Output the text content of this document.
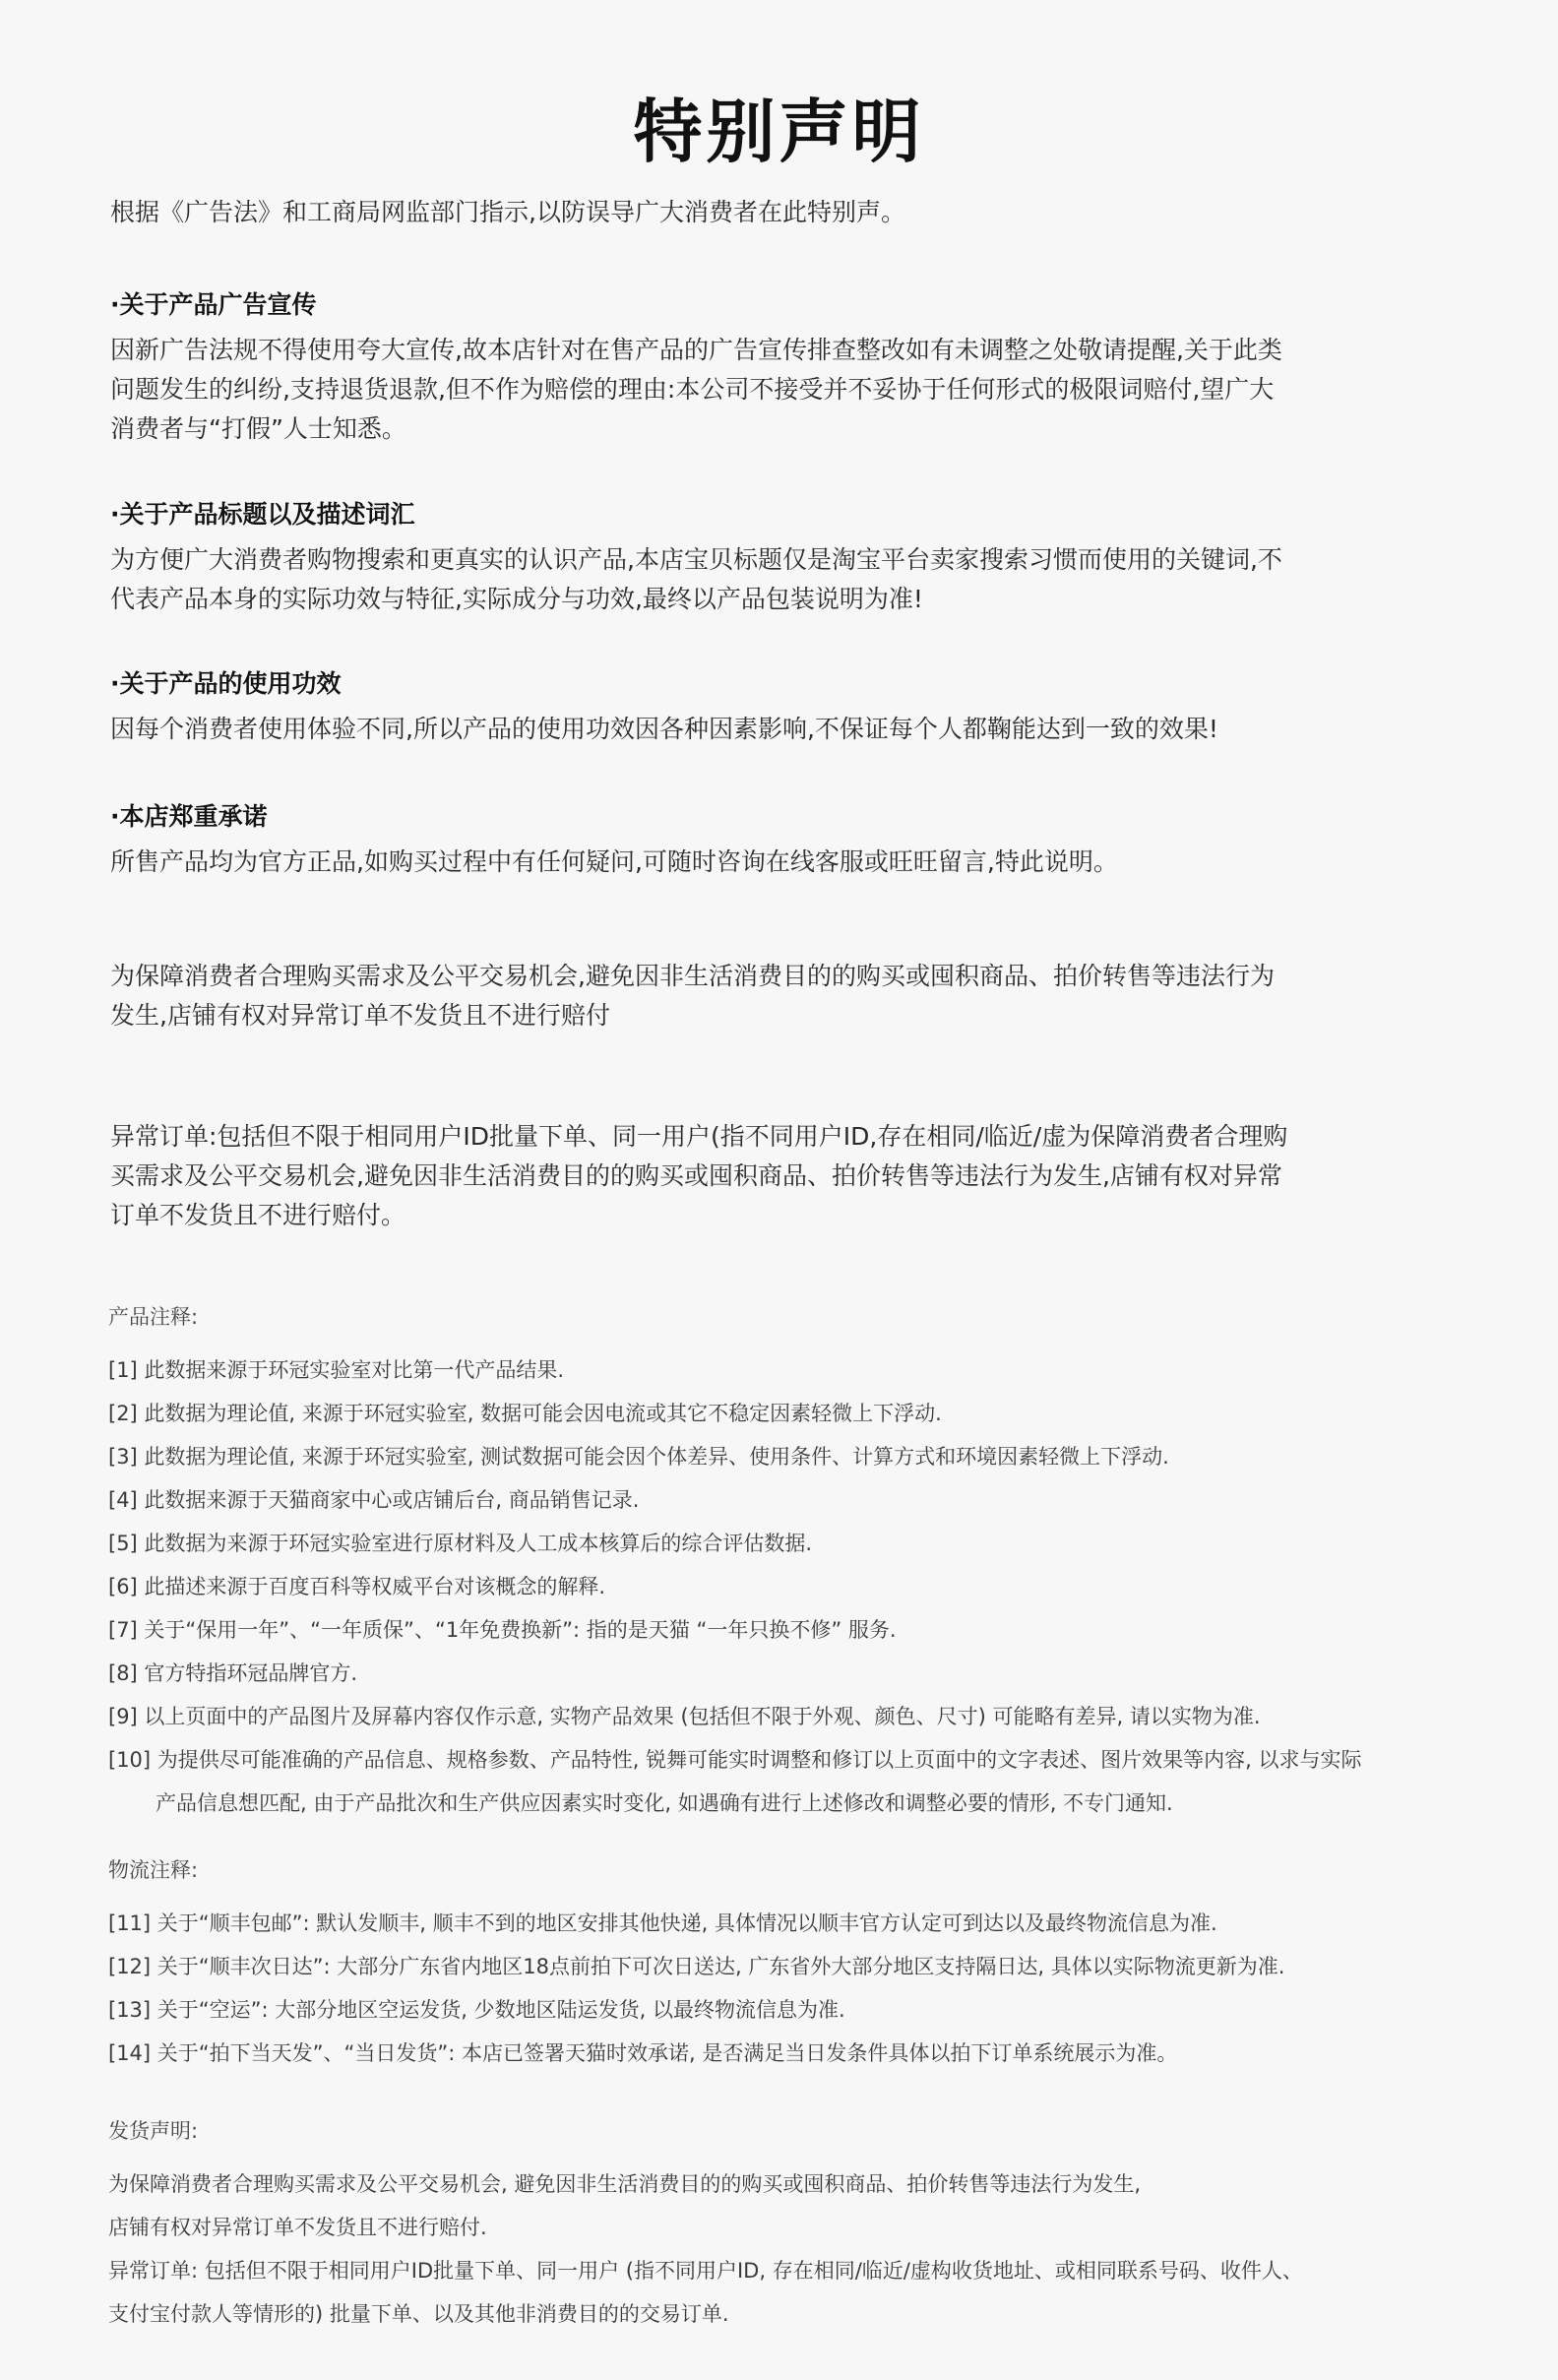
特别声明

根据《广告法》和工商局网监部门指示,以防误导广大消费者在此特别声。

·关于产品广告宣传

因新广告法规不得使用夸大宣传,故本店针对在售产品的广告宣传排查整改如有未调整之处敬请提醒,关于此类
问题发生的纠纷,支持退货退款,但不作为赔偿的理由:本公司不接受并不妥协于任何形式的极限词赔付,望广大
消费者与“打假”人士知悉。

·关于产品标题以及描述词汇

为方便广大消费者购物搜索和更真实的认识产品,本店宝贝标题仅是淘宝平台卖家搜索习惯而使用的关键词,不
代表产品本身的实际功效与特征,实际成分与功效,最终以产品包装说明为准!

·关于产品的使用功效

因每个消费者使用体验不同,所以产品的使用功效因各种因素影响,不保证每个人都鞠能达到一致的效果!

·本店郑重承诺

所售产品均为官方正品,如购买过程中有任何疑问,可随时咨询在线客服或旺旺留言,特此说明。

为保障消费者合理购买需求及公平交易机会,避免因非生活消费目的的购买或囤积商品、拍价转售等违法行为
发生,店铺有权对异常订单不发货且不进行赔付

异常订单:包括但不限于相同用户ID批量下单、同一用户(指不同用户ID,存在相同/临近/虚为保障消费者合理购
买需求及公平交易机会,避免因非生活消费目的的购买或囤积商品、拍价转售等违法行为发生,店铺有权对异常
订单不发货且不进行赔付。

产品注释:

[1] 此数据来源于环冠实验室对比第一代产品结果.
[2] 此数据为理论值, 来源于环冠实验室, 数据可能会因电流或其它不稳定因素轻微上下浮动.
[3] 此数据为理论值, 来源于环冠实验室, 测试数据可能会因个体差异、使用条件、计算方式和环境因素轻微上下浮动.
[4] 此数据来源于天猫商家中心或店铺后台, 商品销售记录.
[5] 此数据为来源于环冠实验室进行原材料及人工成本核算后的综合评估数据.
[6] 此描述来源于百度百科等权威平台对该概念的解释.
[7] 关于“保用一年”、“一年质保”、“1年免费换新”: 指的是天猫 “一年只换不修” 服务.
[8] 官方特指环冠品牌官方.
[9] 以上页面中的产品图片及屏幕内容仅作示意, 实物产品效果 (包括但不限于外观、颜色、尺寸) 可能略有差异, 请以实物为准.
[10] 为提供尽可能准确的产品信息、规格参数、产品特性, 锐舞可能实时调整和修订以上页面中的文字表述、图片效果等内容, 以求与实际
产品信息想匹配, 由于产品批次和生产供应因素实时变化, 如遇确有进行上述修改和调整必要的情形, 不专门通知.

物流注释:

[11] 关于“顺丰包邮”: 默认发顺丰, 顺丰不到的地区安排其他快递, 具体情况以顺丰官方认定可到达以及最终物流信息为准.
[12] 关于“顺丰次日达”: 大部分广东省内地区18点前拍下可次日送达, 广东省外大部分地区支持隔日达, 具体以实际物流更新为准.
[13] 关于“空运”: 大部分地区空运发货, 少数地区陆运发货, 以最终物流信息为准.
[14] 关于“拍下当天发”、“当日发货”: 本店已签署天猫时效承诺, 是否满足当日发条件具体以拍下订单系统展示为准。

发货声明:

为保障消费者合理购买需求及公平交易机会, 避免因非生活消费目的的购买或囤积商品、拍价转售等违法行为发生,
店铺有权对异常订单不发货且不进行赔付.
异常订单: 包括但不限于相同用户ID批量下单、同一用户 (指不同用户ID, 存在相同/临近/虚构收货地址、或相同联系号码、收件人、
支付宝付款人等情形的) 批量下单、以及其他非消费目的的交易订单.
